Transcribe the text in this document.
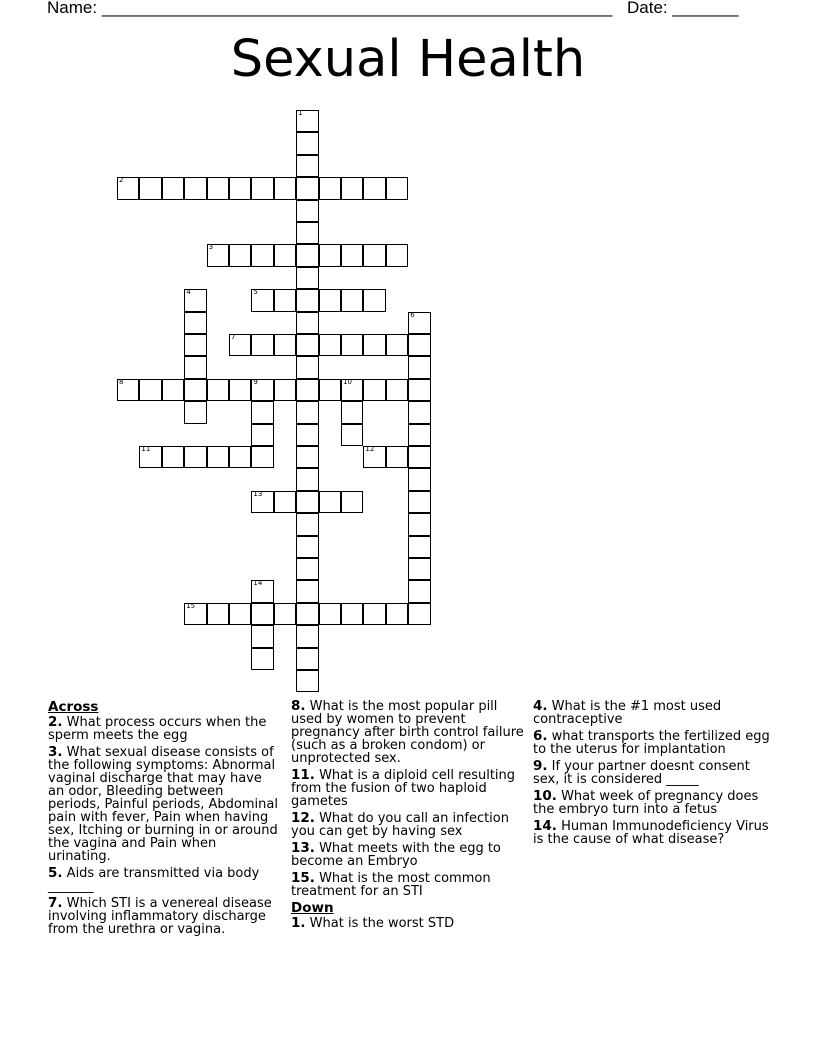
Name: ______________________________________________________ Date: _______
Sexual Health
1
2
3
4	5
6
7
8	9	10
11	12
13
14
15
Across
2. What process occurs when the sperm meets the egg
3. What sexual disease consists of the following symptoms: Abnormal vaginal discharge that may have an odor, Bleeding between periods, Painful periods, Abdominal pain with fever, Pain when having sex, Itching or burning in or around the vagina and Pain when urinating.
5. Aids are transmitted via body _______
7. Which STI is a venereal disease involving inflammatory discharge from the urethra or vagina.
8. What is the most popular pill used by women to prevent pregnancy after birth control failure (such as a broken condom) or unprotected sex.
11. What is a diploid cell resulting from the fusion of two haploid gametes
12. What do you call an infection you can get by having sex
13. What meets with the egg to become an Embryo
15. What is the most common treatment for an STI
Down
1. What is the worst STD
4. What is the #1 most used contraceptive
6. what transports the fertilized egg to the uterus for implantation
9. If your partner doesnt consent sex, it is considered _____
10. What week of pregnancy does the embryo turn into a fetus
14. Human Immunodeficiency Virus is the cause of what disease?
